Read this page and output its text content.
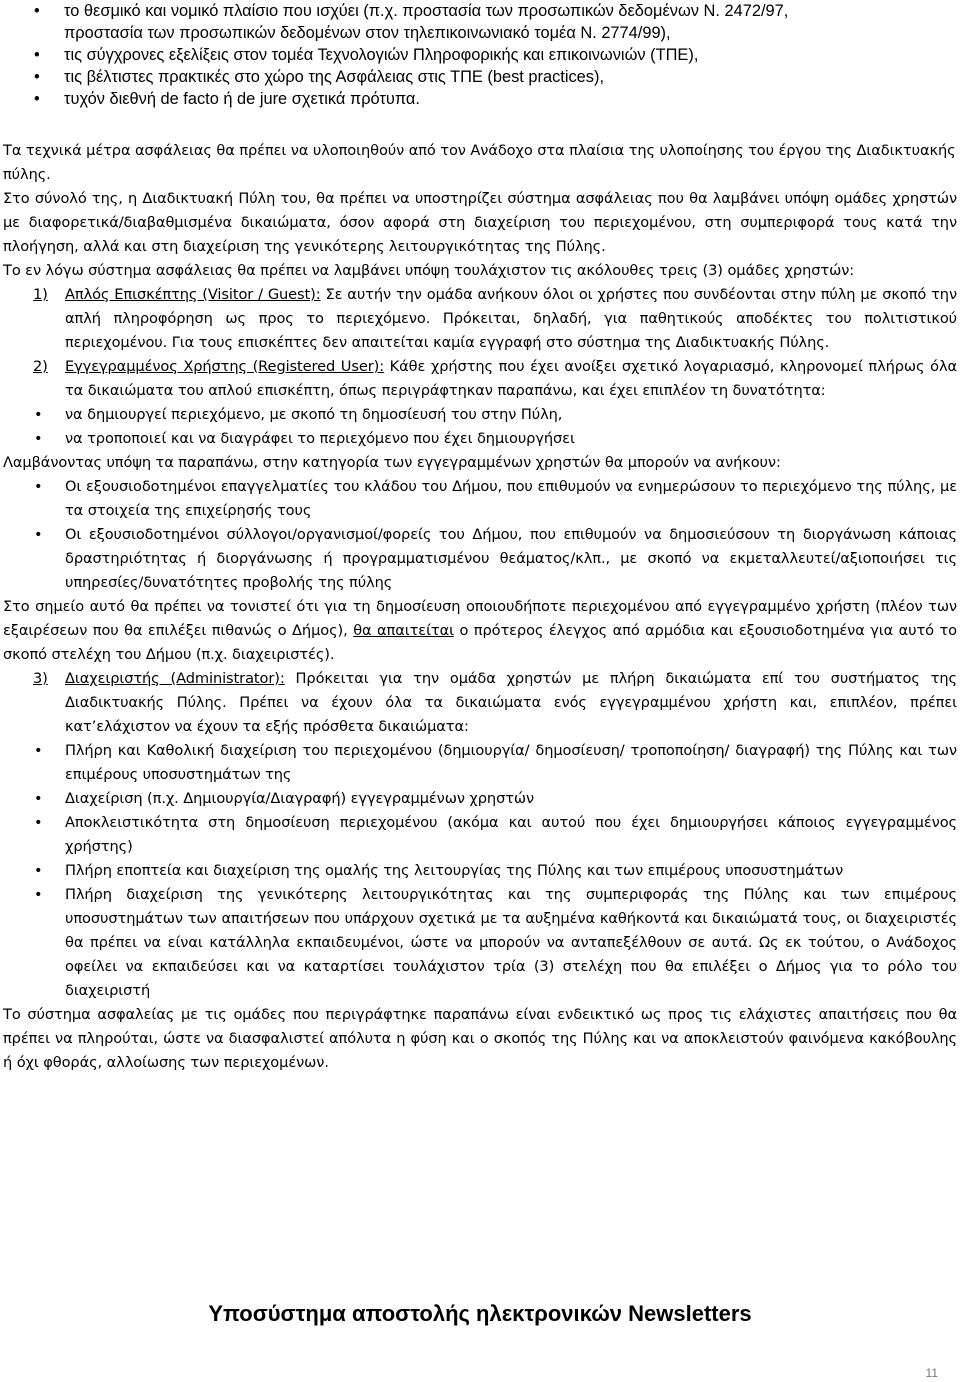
• το θεσμικό και νομικό πλαίσιο που ισχύει (π.χ. προστασία των προσωπικών δεδομένων Ν. 2472/97,
προστασία των προσωπικών δεδομένων στον τηλεπικοινωνιακό τομέα Ν. 2774/99),
• τις σύγχρονες εξελίξεις στον τομέα Τεχνολογιών Πληροφορικής και επικοινωνιών (ΤΠΕ),
• τις βέλτιστες πρακτικές στο χώρο της Ασφάλειας στις ΤΠΕ (best practices),
• τυχόν διεθνή de facto ή de jure σχετικά πρότυπα.

Τα τεχνικά μέτρα ασφάλειας θα πρέπει να υλοποιηθούν από τον Ανάδοχο στα πλαίσια της υλοποίησης του έργου της Διαδικτυακής πύλης.

Στο σύνολό της, η Διαδικτυακή Πύλη του, θα πρέπει να υποστηρίζει σύστημα ασφάλειας που θα λαμβάνει υπόψη ομάδες χρηστών με διαφορετικά/διαβαθμισμένα δικαιώματα, όσον αφορά στη διαχείριση του περιεχομένου, στη συμπεριφορά τους κατά την πλοήγηση, αλλά και στη διαχείριση της γενικότερης λειτουργικότητας της Πύλης.

Το εν λόγω σύστημα ασφάλειας θα πρέπει να λαμβάνει υπόψη τουλάχιστον τις ακόλουθες τρεις (3) ομάδες χρηστών:

1) Απλός Επισκέπτης (Visitor / Guest): Σε αυτήν την ομάδα ανήκουν όλοι οι χρήστες που συνδέονται στην πύλη με σκοπό την απλή πληροφόρηση ως προς το περιεχόμενο. Πρόκειται, δηλαδή, για παθητικούς αποδέκτες του πολιτιστικού περιεχομένου. Για τους επισκέπτες δεν απαιτείται καμία εγγραφή στο σύστημα της Διαδικτυακής Πύλης.
2) Εγγεγραμμένος Χρήστης (Registered User): Κάθε χρήστης που έχει ανοίξει σχετικό λογαριασμό, κληρονομεί πλήρως όλα τα δικαιώματα του απλού επισκέπτη, όπως περιγράφτηκαν παραπάνω, και έχει επιπλέον τη δυνατότητα:
• να δημιουργεί περιεχόμενο, με σκοπό τη δημοσίευσή του στην Πύλη,
• να τροποποιεί και να διαγράφει το περιεχόμενο που έχει δημιουργήσει

Λαμβάνοντας υπόψη τα παραπάνω, στην κατηγορία των εγγεγραμμένων χρηστών θα μπορούν να ανήκουν:

• Οι εξουσιοδοτημένοι επαγγελματίες του κλάδου του Δήμου, που επιθυμούν να ενημερώσουν το περιεχόμενο της πύλης, με τα στοιχεία της επιχείρησής τους
• Οι εξουσιοδοτημένοι σύλλογοι/οργανισμοί/φορείς του Δήμου, που επιθυμούν να δημοσιεύσουν τη διοργάνωση κάποιας δραστηριότητας ή διοργάνωσης ή προγραμματισμένου θεάματος/κλπ., με σκοπό να εκμεταλλευτεί/αξιοποιήσει τις υπηρεσίες/δυνατότητες προβολής της πύλης

Στο σημείο αυτό θα πρέπει να τονιστεί ότι για τη δημοσίευση οποιουδήποτε περιεχομένου από εγγεγραμμένο χρήστη (πλέον των εξαιρέσεων που θα επιλέξει πιθανώς ο Δήμος), θα απαιτείται ο πρότερος έλεγχος από αρμόδια και εξουσιοδοτημένα για αυτό το σκοπό στελέχη του Δήμου (π.χ. διαχειριστές).

3) Διαχειριστής (Administrator): Πρόκειται για την ομάδα χρηστών με πλήρη δικαιώματα επί του συστήματος της Διαδικτυακής Πύλης. Πρέπει να έχουν όλα τα δικαιώματα ενός εγγεγραμμένου χρήστη και, επιπλέον, πρέπει κατ’ελάχιστον να έχουν τα εξής πρόσθετα δικαιώματα:
• Πλήρη και Καθολική διαχείριση του περιεχομένου (δημιουργία/ δημοσίευση/ τροποποίηση/ διαγραφή) της Πύλης και των επιμέρους υποσυστημάτων της
• Διαχείριση (π.χ. Δημιουργία/Διαγραφή) εγγεγραμμένων χρηστών
• Αποκλειστικότητα στη δημοσίευση περιεχομένου (ακόμα και αυτού που έχει δημιουργήσει κάποιος εγγεγραμμένος χρήστης)
• Πλήρη εποπτεία και διαχείριση της ομαλής της λειτουργίας της Πύλης και των επιμέρους υποσυστημάτων
• Πλήρη διαχείριση της γενικότερης λειτουργικότητας και της συμπεριφοράς της Πύλης και των επιμέρους υποσυστημάτων των απαιτήσεων που υπάρχουν σχετικά με τα αυξημένα καθήκοντά και δικαιώματά τους, οι διαχειριστές θα πρέπει να είναι κατάλληλα εκπαιδευμένοι, ώστε να μπορούν να ανταπεξέλθουν σε αυτά. Ως εκ τούτου, ο Ανάδοχος οφείλει να εκπαιδεύσει και να καταρτίσει τουλάχιστον τρία (3) στελέχη που θα επιλέξει ο Δήμος για το ρόλο του διαχειριστή

Το σύστημα ασφαλείας με τις ομάδες που περιγράφτηκε παραπάνω είναι ενδεικτικό ως προς τις ελάχιστες απαιτήσεις που θα πρέπει να πληρούται, ώστε να διασφαλιστεί απόλυτα η φύση και ο σκοπός της Πύλης και να αποκλειστούν φαινόμενα κακόβουλης ή όχι φθοράς, αλλοίωσης των περιεχομένων.

Υποσύστημα αποστολής ηλεκτρονικών Newsletters
11
